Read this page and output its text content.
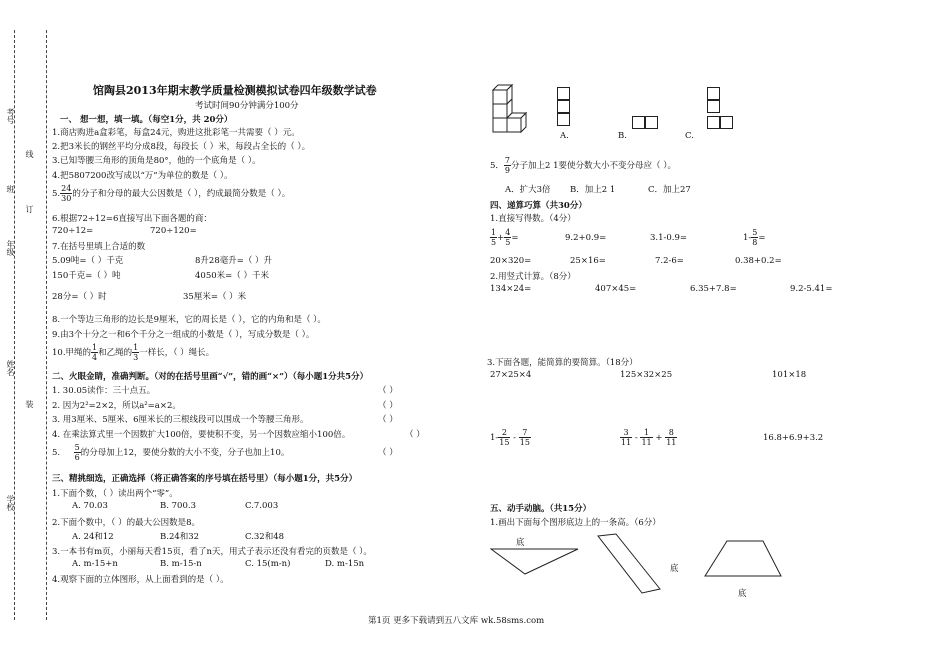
考号
线
班
订
年级
姓名
装
学校
馆陶县2013年期末教学质量检测模拟试卷四年级数学试卷
考试时间90分钟满分100分
一、 想一想，填一填。（每空1分，共 20分）
1.商店购进a盒彩笔，每盒24元，购进这批彩笔一共需要（ ）元。
2.把3米长的钢丝平均分成8段，每段长（ ）米，每段占全长的（ ）。
3.已知等腰三角形的顶角是80°，他的一个底角是（ ）。
4.把5807200改写成以“万”为单位的数是（ ）。
5. $\frac{24}{30}$ 的分子和分母的最大公因数是（ ），约成最简分数是（ ）。
6.根据72÷12=6直接写出下面各题的商：
720÷12=	720÷120=
7.在括号里填上合适的数
5.09吨=（ ）千克	8升28毫升=（ ）升
150千克=（ ）吨	4050米=（ ）千米
28分=（ ）时	35厘米=（ ）米
8.一个等边三角形的边长是9厘米，它的周长是（ ），它的内角和是（ ）。
9.由3个十分之一和6个千分之一组成的小数是（ ），写成分数是（ ）。
10.甲绳的 $\frac{1}{4}$ 和乙绳的 $\frac{1}{3}$ 一样长，（ ）绳长。
二、火眼金睛，准确判断。（对的在括号里画“√”，错的画“×”）（每小题1分共5分）
1. 30.05读作：三十点五。	（ ）
2. 因为2²=2×2，所以a²=a×2。	（ ）
3. 用3厘米、5厘米、6厘米长的三根线段可以围成一个等腰三角形。	（ ）
4. 在乘法算式里一个因数扩大100倍，要使积不变，另一个因数应缩小100倍。	（ ）
5. $\frac{5}{6}$ 的分母加上12，要使分数的大小不变，分子也加上10。	（ ）
三、精挑细选，正确选择（将正确答案的序号填在括号里）（每小题1分，共5分）
1.下面个数，（ ）读出两个“零”。
A. 70.03	B. 700.3	C.7.003
2.下面个数中，（ ）的最大公因数是8。
A. 24和12	B.24和32	C.32和48
3.一本书有m页，小丽每天看15页，看了n天，用式子表示还没有看完的页数是（ ）。
A. m-15+n	B. m-15-n	C. 15(m-n)	D. m-15n
4.观察下面的立体图形，从上面看到的是（ ）。
A.	B.	C.
5． $\frac{7}{9}$ 分子加上2 1要使分数大小不变分母应（ ）。
A．扩大3倍 B．加上2 1	C．加上27
四、递算巧算（共30分）
1.直接写得数。（4分）
$\frac{1}{5} + \frac{4}{5}$ =	9.2+0.9=	3.1-0.9=	$1- \frac{5}{8}$ =
20×320=	25×16=	7.2-6=	0.38+0.2=
2.用竖式计算。（8分）
134×24=	407×45=	6.35+7.8=	9.2-5.41=
3.下面各题，能简算的要简算。（18分）
27×25×4	125×32×25	101×18
$1- \frac{2}{15} - \frac{7}{15}$	$\frac{3}{11} - \frac{1}{11} + \frac{8}{11}$	16.8+6.9+3.2
五、动手动脑。（共15分）
1.画出下面每个图形底边上的一条高。（6分）
底
底
底
第1页 更多下载请到五八文库 wk.58sms.com
